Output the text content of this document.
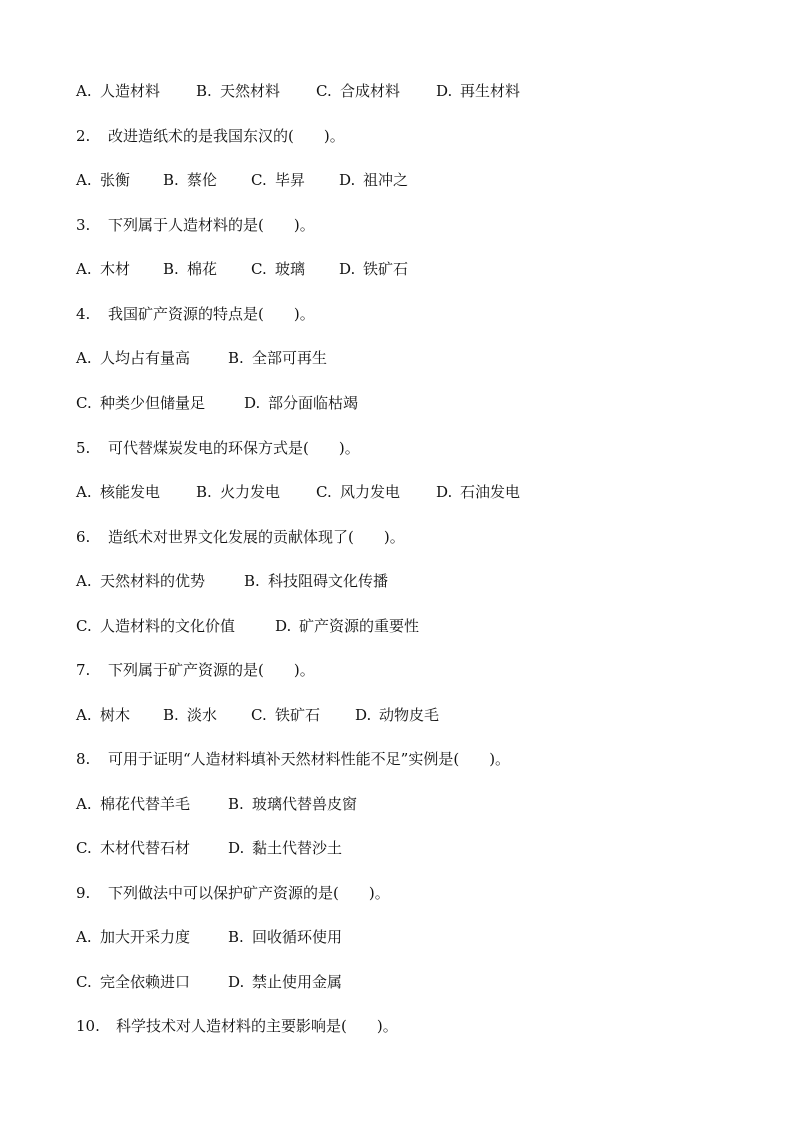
A. 人造材料 B. 天然材料 C. 合成材料 D. 再生材料
2. 改进造纸术的是我国东汉的(　　)。
A. 张衡 B. 蔡伦 C. 毕昇 D. 祖冲之
3. 下列属于人造材料的是(　　)。
A. 木材 B. 棉花 C. 玻璃 D. 铁矿石
4. 我国矿产资源的特点是(　　)。
A. 人均占有量高	B. 全部可再生
C. 种类少但储量足	D. 部分面临枯竭
5. 可代替煤炭发电的环保方式是(　　)。
A. 核能发电 B. 火力发电 C. 风力发电 D. 石油发电
6. 造纸术对世界文化发展的贡献体现了(　　)。
A. 天然材料的优势	B. 科技阻碍文化传播
C. 人造材料的文化价值	D. 矿产资源的重要性
7. 下列属于矿产资源的是(　　)。
A. 树木 B. 淡水 C. 铁矿石 D. 动物皮毛
8. 可用于证明“人造材料填补天然材料性能不足”实例是(　　)。
A. 棉花代替羊毛	B. 玻璃代替兽皮窗
C. 木材代替石材	D. 黏土代替沙土
9. 下列做法中可以保护矿产资源的是(　　)。
A. 加大开采力度	B. 回收循环使用
C. 完全依赖进口	D. 禁止使用金属
10. 科学技术对人造材料的主要影响是(　　)。
